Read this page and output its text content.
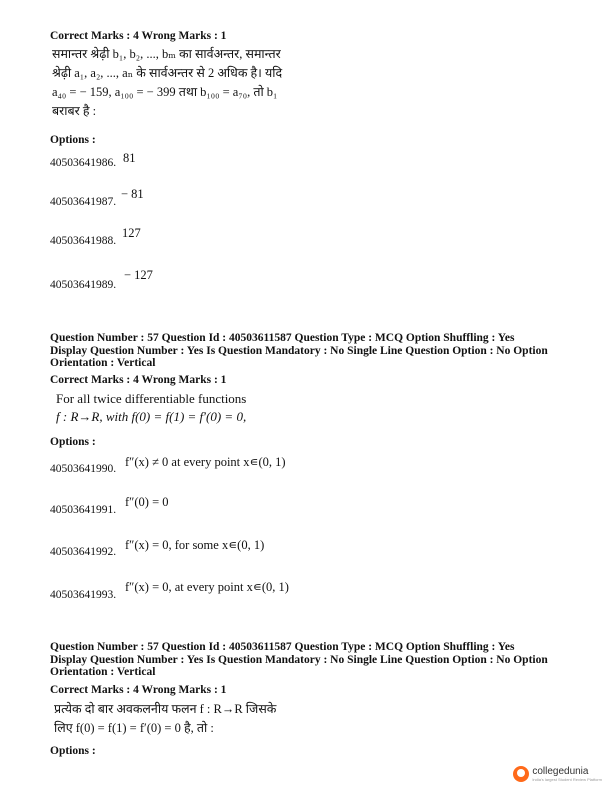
Correct Marks : 4 Wrong Marks : 1
समान्तर श्रेढ़ी b₁, b₂, ..., bₘ का सार्वअन्तर, समान्तर
श्रेढ़ी a₁, a₂, ..., aₙ के सार्वअन्तर से 2 अधिक है। यदि
a₄₀ = − 159, a₁₀₀ = − 399 तथा b₁₀₀ = a₇₀, तो b₁
बराबर है :
Options :
40503641986. 81
40503641987.
− 81
40503641988.
127
40503641989.
− 127
Question Number : 57 Question Id : 40503611587 Question Type : MCQ Option Shuffling : Yes
Display Question Number : Yes Is Question Mandatory : No Single Line Question Option : No Option
Orientation : Vertical
Correct Marks : 4 Wrong Marks : 1
For all twice differentiable functions
f : R→R, with f(0) = f(1) = f′(0) = 0,
Options :
40503641990. f″(x) ≠ 0 at every point x∊(0, 1)
40503641991.
f″(0) = 0
40503641992. f″(x) = 0, for some x∊(0, 1)
40503641993.
f″(x) = 0, at every point x∊(0, 1)
Question Number : 57 Question Id : 40503611587 Question Type : MCQ Option Shuffling : Yes
Display Question Number : Yes Is Question Mandatory : No Single Line Question Option : No Option
Orientation : Vertical
Correct Marks : 4 Wrong Marks : 1
प्रत्येक दो बार अवकलनीय फलन f : R→R जिसके
लिए f(0) = f(1) = f′(0) = 0 है, तो :
Options :
collegedunia
India's largest Student Review Platform
